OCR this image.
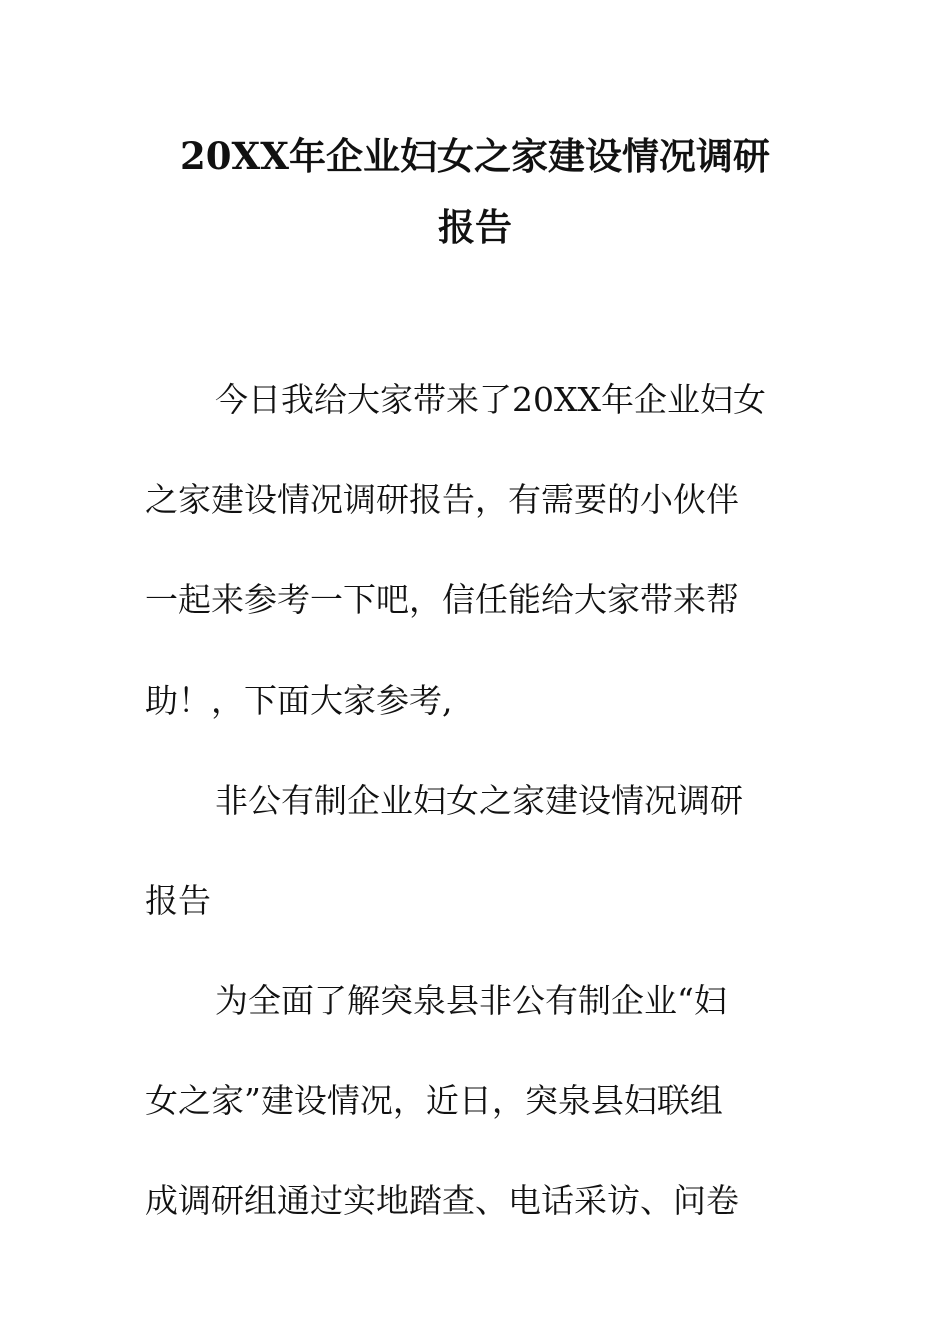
20XX年企业妇女之家建设情况调研
报告
今日我给大家带来了20XX年企业妇女
之家建设情况调研报告，有需要的小伙伴
一起来参考一下吧，信任能给大家带来帮
助！，下面大家参考,
非公有制企业妇女之家建设情况调研
报告
为全面了解突泉县非公有制企业“妇
女之家”建设情况，近日，突泉县妇联组
成调研组通过实地踏查、电话采访、问卷
